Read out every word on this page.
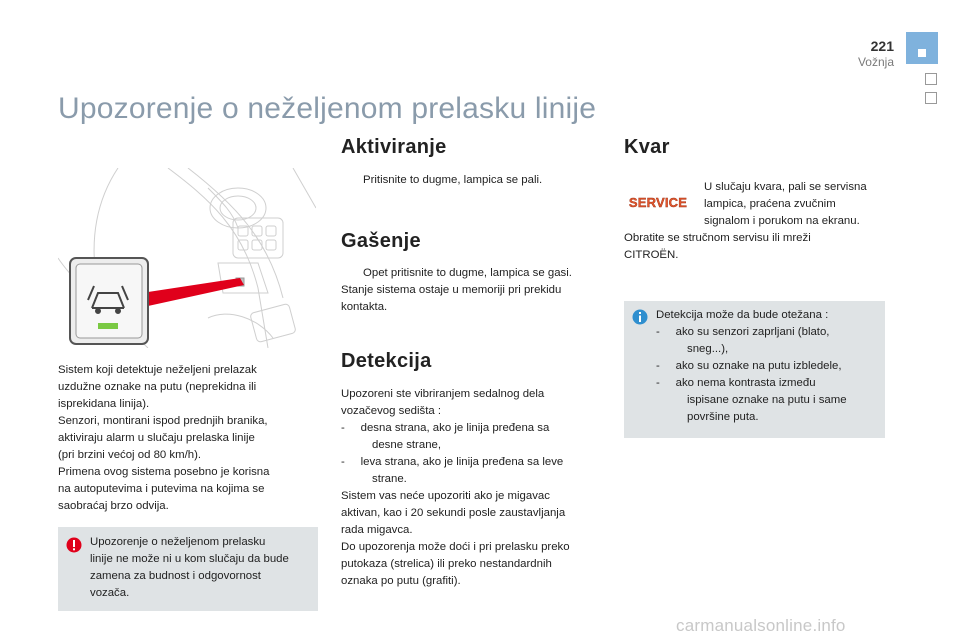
221
Vožnja
Upozorenje o neželjenom prelasku linije

Sistem koji detektuje neželjeni prelazak

uzdužne oznake na putu (neprekidna ili

isprekidana linija).

Senzori, montirani ispod prednjih branika,

aktiviraju alarm u slučaju prelaska linije

(pri brzini većoj od 80 km/h).

Primena ovog sistema posebno je korisna

na autoputevima i putevima na kojima se

saobraćaj brzo odvija.

Upozorenje o neželjenom prelasku

linije ne može ni u kom slučaju da bude

zamena za budnost i odgovornost

vozača.

Aktiviranje

Pritisnite to dugme, lampica se pali.

Gašenje

Opet pritisnite to dugme, lampica se gasi.

Stanje sistema ostaje u memoriji pri prekidu

kontakta.

Detekcija

Upozoreni ste vibriranjem sedalnog dela

vozačevog sedišta :

-     desna strana, ako je linija pređena sa

desne strane,

-     leva strana, ako je linija pređena sa leve

strane.

Sistem vas neće upozoriti ako je migavac

aktivan, kao i 20 sekundi posle zaustavljanja

rada migavca.

Do upozorenja može doći i pri prelasku preko

putokaza (strelica) ili preko nestandardnih

oznaka po putu (grafiti).

Kvar
SERVICE

U slučaju kvara, pali se servisna

lampica, praćena zvučnim

signalom i porukom na ekranu.

Obratite se stručnom servisu ili mreži

CITROËN.

Detekcija može da bude otežana :

-     ako su senzori zaprljani (blato,

sneg...),

-     ako su oznake na putu izbledele,

-     ako nema kontrasta između

ispisane oznake na putu i same

površine puta.

carmanualsonline.info
